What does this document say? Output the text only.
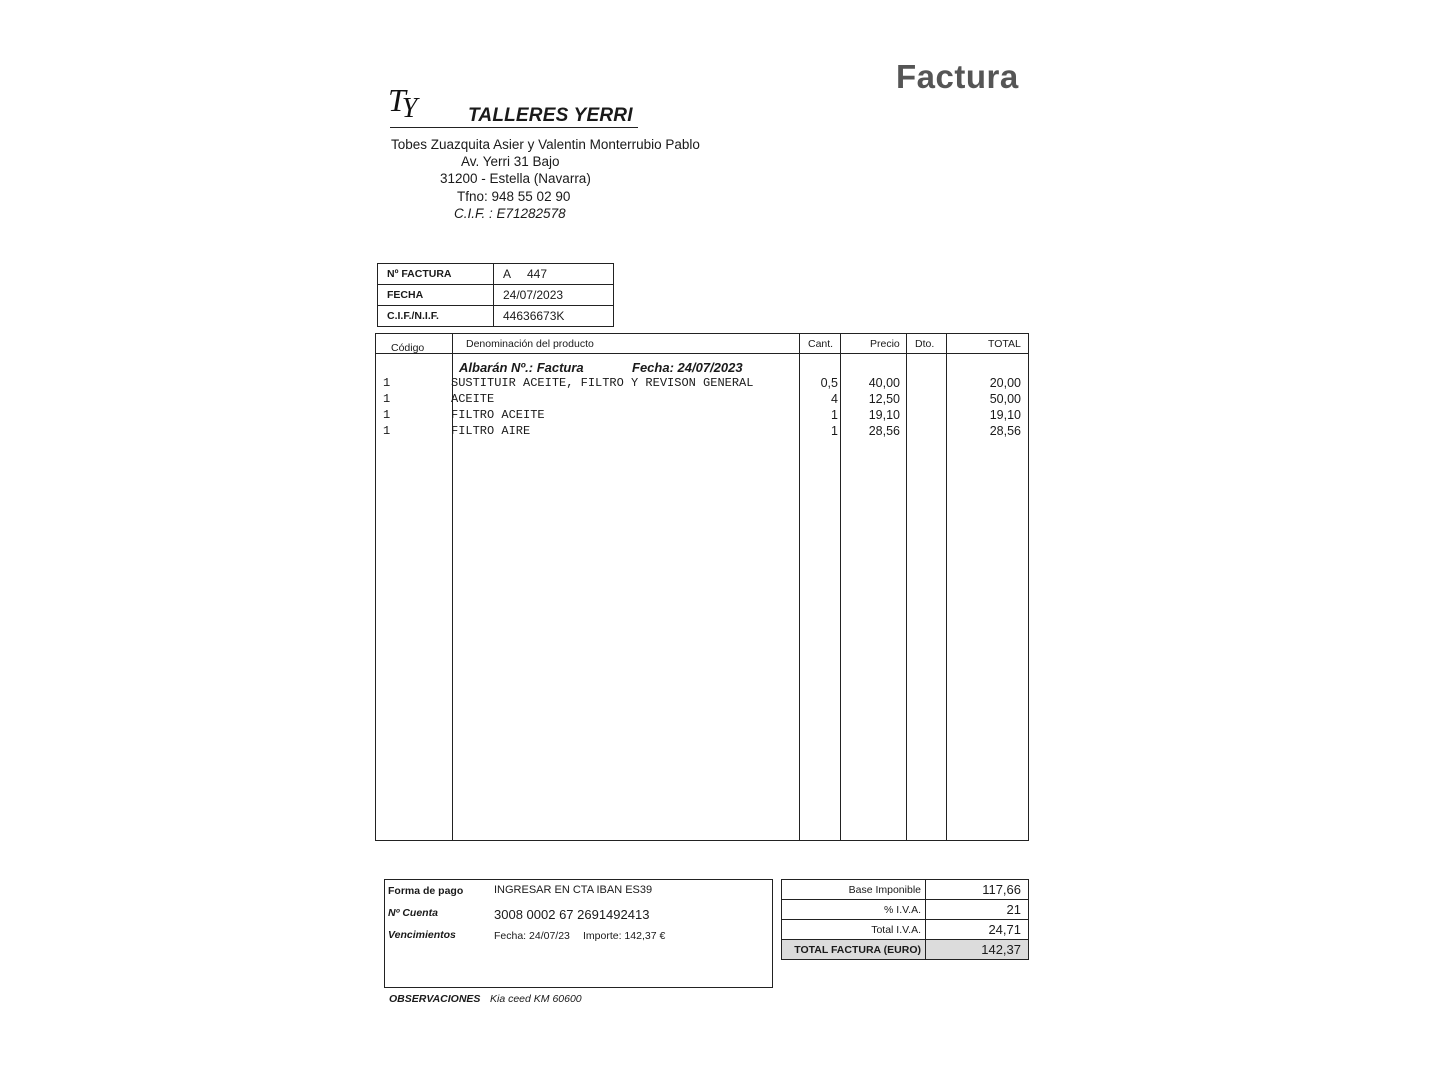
Factura
TY	TALLERES YERRI
Tobes Zuazquita Asier y Valentin Monterrubio Pablo
Av. Yerri 31 Bajo
31200 - Estella (Navarra)
Tfno: 948 55 02 90
C.I.F. : E71282578
Nº FACTURA	A     447
FECHA	24/07/2023
C.I.F./N.I.F.	44636673K
Código	Denominación del producto	Cant.	Precio Dto.	TOTAL
Albarán Nº.: Factura	Fecha: 24/07/2023
1	SUSTITUIR ACEITE, FILTRO Y REVISON GENERAL	0,5 40,00	20,00
1	ACEITE	4 12,50	50,00
1	FILTRO ACEITE	1 19,10	19,10
1	FILTRO AIRE	1 28,56	28,56
Forma de pago	INGRESAR EN CTA IBAN ES39
Nº Cuenta	3008 0002 67 2691492413
Vencimientos	Fecha: 24/07/23 Importe: 142,37 €
Base Imponible	117,66
% I.V.A.	21
Total I.V.A.	24,71
TOTAL FACTURA (EURO)	142,37
OBSERVACIONES Kia ceed KM 60600
